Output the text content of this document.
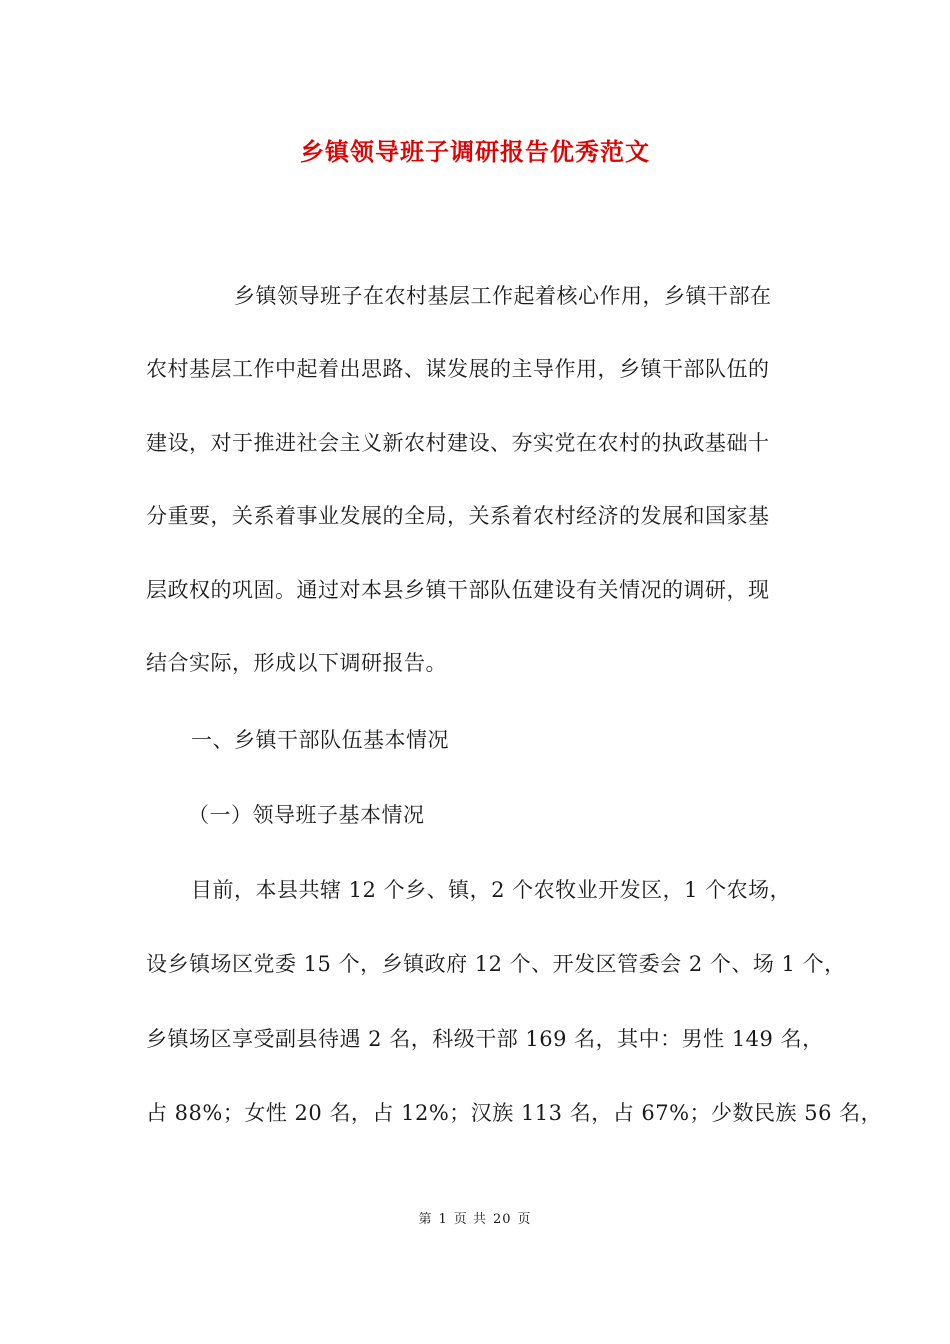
乡镇领导班子调研报告优秀范文
乡镇领导班子在农村基层工作起着核心作用，乡镇干部在
农村基层工作中起着出思路、谋发展的主导作用，乡镇干部队伍的
建设，对于推进社会主义新农村建设、夯实党在农村的执政基础十
分重要，关系着事业发展的全局，关系着农村经济的发展和国家基
层政权的巩固。通过对本县乡镇干部队伍建设有关情况的调研，现
结合实际，形成以下调研报告。
一、乡镇干部队伍基本情况
（一）领导班子基本情况
目前，本县共辖 12 个乡、镇，2 个农牧业开发区，1 个农场，
设乡镇场区党委 15 个，乡镇政府 12 个、开发区管委会 2 个、场 1 个，
乡镇场区享受副县待遇 2 名，科级干部 169 名，其中：男性 149 名，
占 88%；女性 20 名，占 12%；汉族 113 名，占 67%；少数民族 56 名，
第 1 页 共 20 页
